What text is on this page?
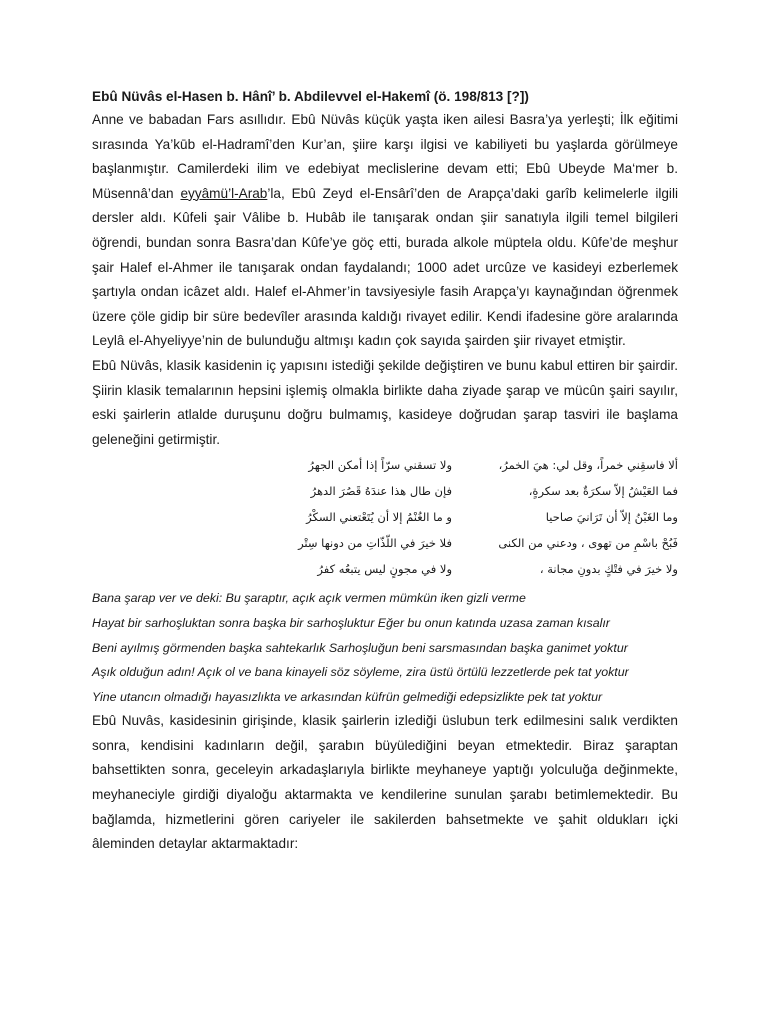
Ebû Nüvâs el-Hasen b. Hânî’ b. Abdilevvel el-Hakemî (ö. 198/813 [?])

Anne ve babadan Fars asıllıdır. Ebû Nüvâs küçük yaşta iken ailesi Basra’ya yerleşti; İlk eğitimi sırasında Ya’kūb el-Hadramî’den Kur’an, şiire karşı ilgisi ve kabiliyeti bu yaşlarda görülmeye başlanmıştır. Camilerdeki ilim ve edebiyat meclislerine devam etti; Ebû Ubeyde Ma‘mer b. Müsennâ’dan eyyâmü’l-Arab’la, Ebû Zeyd el-Ensârî’den de Arapça’daki garîb kelimelerle ilgili dersler aldı. Kûfeli şair Vâlibe b. Hubâb ile tanışarak ondan şiir sanatıyla ilgili temel bilgileri öğrendi, bundan sonra Basra’dan Kûfe’ye göç etti, burada alkole müptela oldu. Kûfe’de meşhur şair Halef el-Ahmer ile tanışarak ondan faydalandı; 1000 adet urcûze ve kasideyi ezberlemek şartıyla ondan icâzet aldı. Halef el-Ahmer’in tavsiyesiyle fasih Arapça’yı kaynağından öğrenmek üzere çöle gidip bir süre bedevîler arasında kaldığı rivayet edilir. Kendi ifadesine göre aralarında Leylâ el-Ahyeliyye’nin de bulunduğu altmışı kadın çok sayıda şairden şiir rivayet etmiştir.

Ebû Nüvâs, klasik kasidenin iç yapısını istediği şekilde değiştiren ve bunu kabul ettiren bir şairdir. Şiirin klasik temalarının hepsini işlemiş olmakla birlikte daha ziyade şarap ve mücûn şairi sayılır, eski şairlerin atlalde duruşunu doğru bulmamış, kasideye doğrudan şarap tasviri ile başlama geleneğini getirmiştir.

ألا فاسقِني خمراً، وقل لي: هيَ الخمرُ،
ولا تسقني سرّاً إذا أمكن الجهرُ
فما العَيْشُ إلاّ سكرَةٌ بعد سكرةٍ،
فإن طال هذا عندَهُ قَصُرَ الدهرُ
وما الغَبْنُ إلاّ أن تَرَانيَ صاحيا
و ما الغُنْمُ إلا أن يُتَعْتعني السكْرُ
فَبُحْ باسْمِ من تهوى ، ودعني من الكنى
فلا خيرَ في اللّذّاتِ من دونها سِتْر
ولا خيرَ في فتْكٍ بدونِ مجانة ،
ولا في مجونٍ ليس يتبعُه كفرُ

Bana şarap ver ve deki: Bu şaraptır, açık açık vermen mümkün iken gizli verme

Hayat bir sarhoşluktan sonra başka bir sarhoşluktur Eğer bu onun katında uzasa zaman kısalır

Beni ayılmış görmenden başka sahtekarlık Sarhoşluğun beni sarsmasından başka ganimet yoktur

Aşık olduğun adın! Açık ol ve bana kinayeli söz söyleme, zira üstü örtülü lezzetlerde pek tat yoktur

Yine utancın olmadığı hayasızlıkta ve arkasından küfrün gelmediği edepsizlikte pek tat yoktur

Ebû Nuvâs, kasidesinin girişinde, klasik şairlerin izlediği üslubun terk edilmesini salık verdikten sonra, kendisini kadınların değil, şarabın büyülediğini beyan etmektedir. Biraz şaraptan bahsettikten sonra, geceleyin arkadaşlarıyla birlikte meyhaneye yaptığı yolculuğa değinmekte, meyhaneciyle girdiği diyaloğu aktarmakta ve kendilerine sunulan şarabı betimlemektedir. Bu bağlamda, hizmetlerini gören cariyeler ile sakilerden bahsetmekte ve şahit oldukları içki âleminden detaylar aktarmaktadır:
